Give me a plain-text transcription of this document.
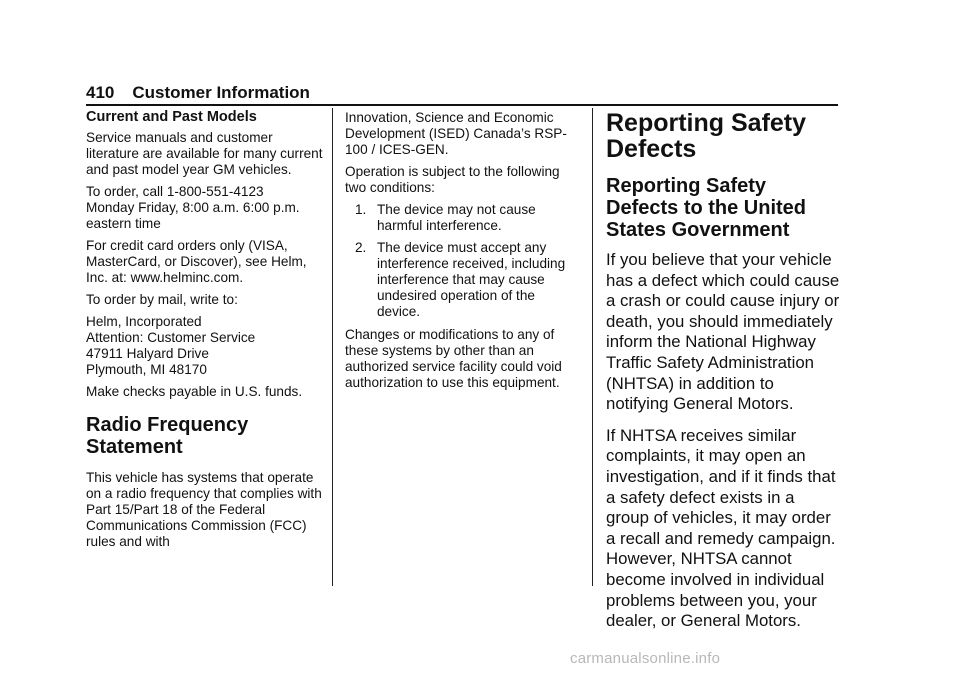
410 Customer Information
Current and Past Models

Service manuals and customer literature are available for many current and past model year GM vehicles.

To order, call 1-800-551-4123
Monday Friday, 8:00 a.m. 6:00 p.m.
eastern time

For credit card orders only (VISA, MasterCard, or Discover), see Helm, Inc. at: www.helminc.com.

To order by mail, write to:

Helm, Incorporated
Attention: Customer Service
47911 Halyard Drive
Plymouth, MI 48170

Make checks payable in U.S. funds.

Radio Frequency Statement

This vehicle has systems that operate on a radio frequency that complies with Part 15/Part 18 of the Federal Communications Commission (FCC) rules and with

Innovation, Science and Economic Development (ISED) Canada’s RSP-100 / ICES-GEN.

Operation is subject to the following two conditions:

1. The device may not cause harmful interference.
2. The device must accept any interference received, including interference that may cause undesired operation of the device.

Changes or modifications to any of these systems by other than an authorized service facility could void authorization to use this equipment.

Reporting Safety Defects
Reporting Safety Defects to the United States Government

If you believe that your vehicle has a defect which could cause a crash or could cause injury or death, you should immediately inform the National Highway Traffic Safety Administration (NHTSA) in addition to notifying General Motors.

If NHTSA receives similar complaints, it may open an investigation, and if it finds that a safety defect exists in a group of vehicles, it may order a recall and remedy campaign. However, NHTSA cannot become involved in individual problems between you, your dealer, or General Motors.

carmanualsonline.info
